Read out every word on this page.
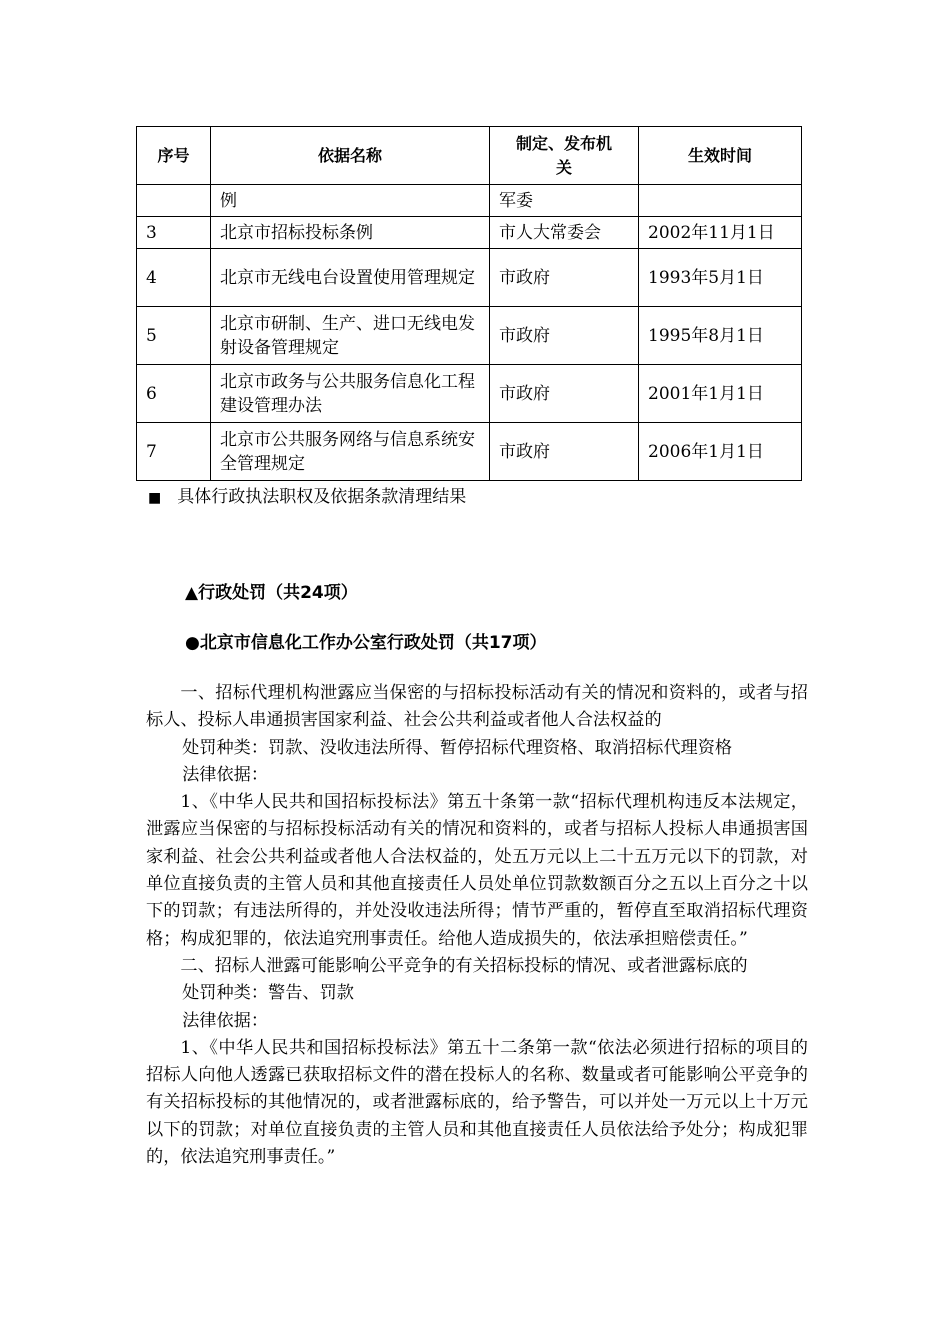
序号	依据名称	制定、发布机关	生效时间
	例	军委	
3	北京市招标投标条例	市人大常委会	2002年11月1日
4	北京市无线电台设置使用管理规定	市政府	1993年5月1日
5	北京市研制、生产、进口无线电发射设备管理规定	市政府	1995年8月1日
6	北京市政务与公共服务信息化工程建设管理办法	市政府	2001年1月1日
7	北京市公共服务网络与信息系统安全管理规定	市政府	2006年1月1日
■ 具体行政执法职权及依据条款清理结果
▲行政处罚（共24项）
●北京市信息化工作办公室行政处罚（共17项）

一、招标代理机构泄露应当保密的与招标投标活动有关的情况和资料的，或者与招标人、投标人串通损害国家利益、社会公共利益或者他人合法权益的

处罚种类：罚款、没收违法所得、暂停招标代理资格、取消招标代理资格

法律依据：

1、《中华人民共和国招标投标法》第五十条第一款“招标代理机构违反本法规定，泄露应当保密的与招标投标活动有关的情况和资料的，或者与招标人投标人串通损害国家利益、社会公共利益或者他人合法权益的，处五万元以上二十五万元以下的罚款，对单位直接负责的主管人员和其他直接责任人员处单位罚款数额百分之五以上百分之十以下的罚款；有违法所得的，并处没收违法所得；情节严重的，暂停直至取消招标代理资格；构成犯罪的，依法追究刑事责任。给他人造成损失的，依法承担赔偿责任。”

二、招标人泄露可能影响公平竞争的有关招标投标的情况、或者泄露标底的

处罚种类：警告、罚款

法律依据：

1、《中华人民共和国招标投标法》第五十二条第一款“依法必须进行招标的项目的招标人向他人透露已获取招标文件的潜在投标人的名称、数量或者可能影响公平竞争的有关招标投标的其他情况的，或者泄露标底的，给予警告，可以并处一万元以上十万元以下的罚款；对单位直接负责的主管人员和其他直接责任人员依法给予处分；构成犯罪的，依法追究刑事责任。”
